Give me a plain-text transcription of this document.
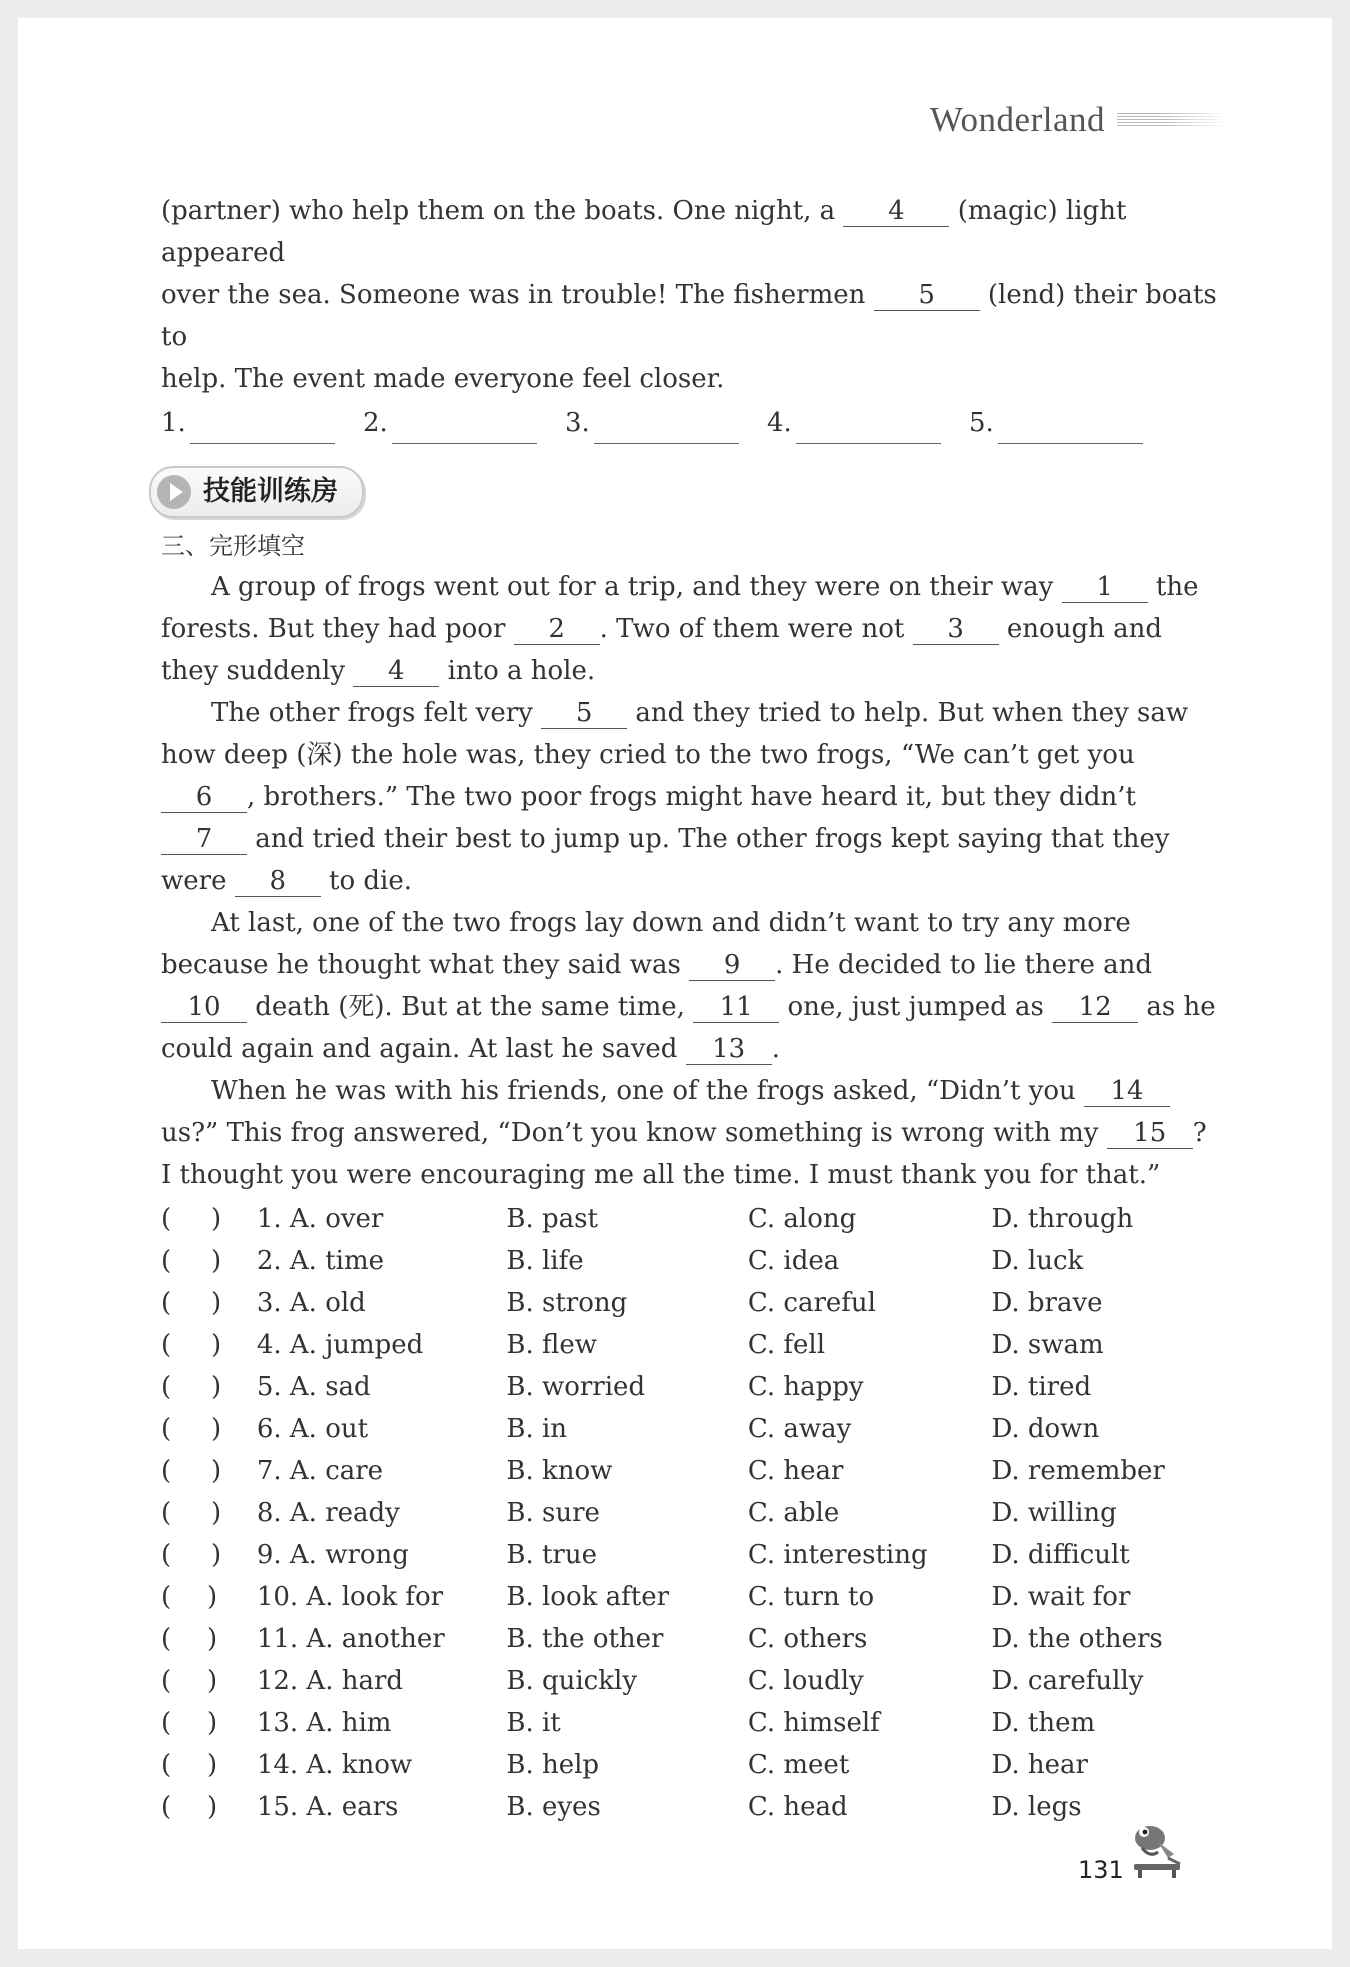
Wonderland

(partner) who help them on the boats. One night, a 4 (magic) light appeared

over the sea. Someone was in trouble! The fishermen 5 (lend) their boats to

help. The event made everyone feel closer.

1.	2.	3.	4.	5.
技能训练房
三、完形填空

A group of frogs went out for a trip, and they were on their way 1 the forests. But they had poor 2 . Two of them were not 3 enough and they suddenly 4 into a hole.

The other frogs felt very 5 and they tried to help. But when they saw how deep (深) the hole was, they cried to the two frogs, “We can’t get you 6 , brothers.” The two poor frogs might have heard it, but they didn’t 7 and tried their best to jump up. The other frogs kept saying that they were 8 to die.

At last, one of the two frogs lay down and didn’t want to try any more because he thought what they said was 9 . He decided to lie there and 10 death (死). But at the same time, 11 one, just jumped as 12 as he could again and again. At last he saved 13 .

When he was with his friends, one of the frogs asked, “Didn’t you 14 us?” This frog answered, “Don’t you know something is wrong with my 15 ? I thought you were encouraging me all the time. I must thank you for that.”

( ) 1. A. over	B. past	C. along	D. through
( ) 2. A. time	B. life	C. idea	D. luck
( ) 3. A. old	B. strong	C. careful	D. brave
( ) 4. A. jumped	B. flew	C. fell	D. swam
( ) 5. A. sad	B. worried	C. happy	D. tired
( ) 6. A. out	B. in	C. away	D. down
( ) 7. A. care	B. know	C. hear	D. remember
( ) 8. A. ready	B. sure	C. able	D. willing
( ) 9. A. wrong	B. true	C. interesting	D. difficult
( ) 10. A. look for	B. look after	C. turn to	D. wait for
( ) 11. A. another	B. the other	C. others	D. the others
( ) 12. A. hard	B. quickly	C. loudly	D. carefully
( ) 13. A. him	B. it	C. himself	D. them
( ) 14. A. know	B. help	C. meet	D. hear
( ) 15. A. ears	B. eyes	C. head	D. legs
131
